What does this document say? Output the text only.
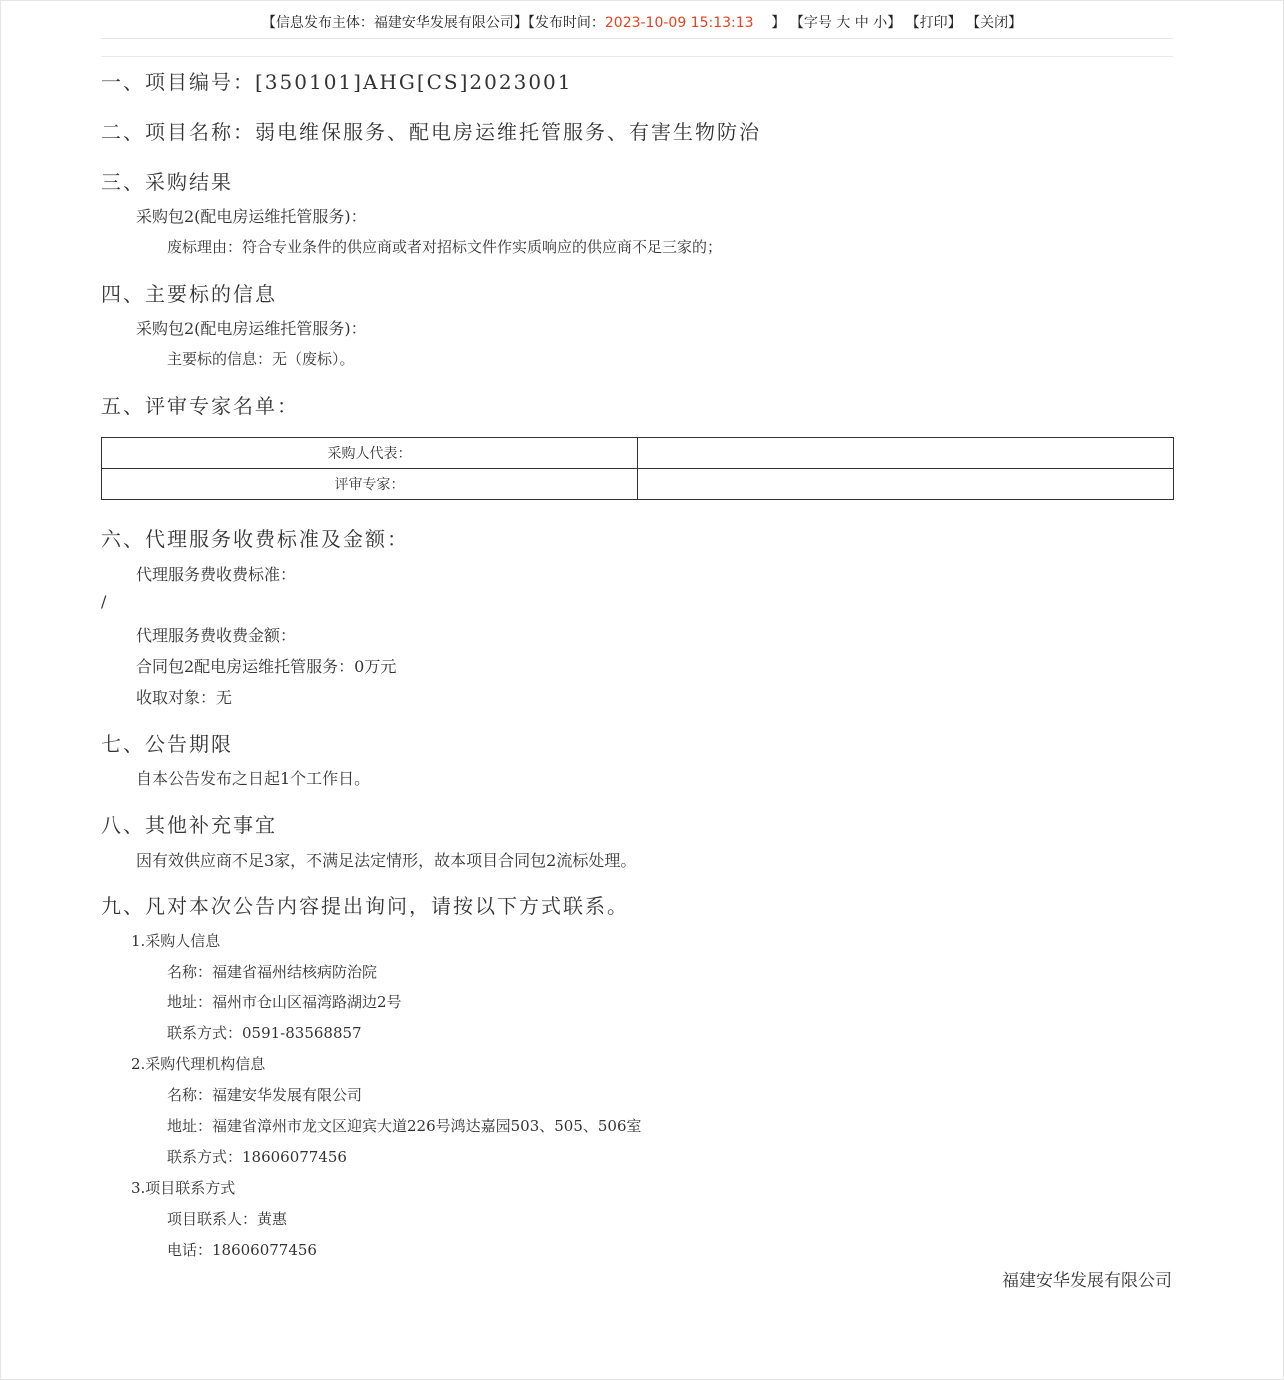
【信息发布主体：福建安华发展有限公司】【发布时间：2023-10-09 15:13:13 】 【字号 大 中 小】 【打印】 【关闭】
一、项目编号：[350101]AHG[CS]2023001
二、项目名称：弱电维保服务、配电房运维托管服务、有害生物防治
三、采购结果
采购包2(配电房运维托管服务)：
废标理由：符合专业条件的供应商或者对招标文件作实质响应的供应商不足三家的；
四、主要标的信息
采购包2(配电房运维托管服务)：
主要标的信息：无（废标）。
五、评审专家名单：
采购人代表：	
评审专家：	
六、代理服务收费标准及金额：
代理服务费收费标准：
/
代理服务费收费金额：
合同包2配电房运维托管服务：0万元
收取对象：无
七、公告期限
自本公告发布之日起1个工作日。
八、其他补充事宜
因有效供应商不足3家，不满足法定情形，故本项目合同包2流标处理。
九、凡对本次公告内容提出询问，请按以下方式联系。
1.采购人信息
名称：福建省福州结核病防治院
地址：福州市仓山区福湾路湖边2号
联系方式：0591-83568857
2.采购代理机构信息
名称：福建安华发展有限公司
地址：福建省漳州市龙文区迎宾大道226号鸿达嘉园503、505、506室
联系方式：18606077456
3.项目联系方式
项目联系人：黄惠
电话：18606077456
福建安华发展有限公司
